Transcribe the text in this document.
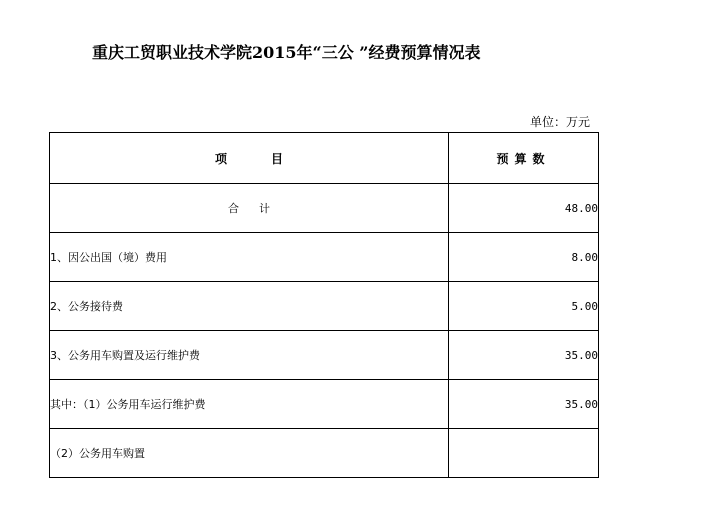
重庆工贸职业技术学院2015年“三公 ”经费预算情况表
单位：万元
项 目	预算数
合 计	48.00
1、因公出国（境）费用	8.00
2、公务接待费	5.00
3、公务用车购置及运行维护费	35.00
其中：（1）公务用车运行维护费	35.00
（2）公务用车购置	
